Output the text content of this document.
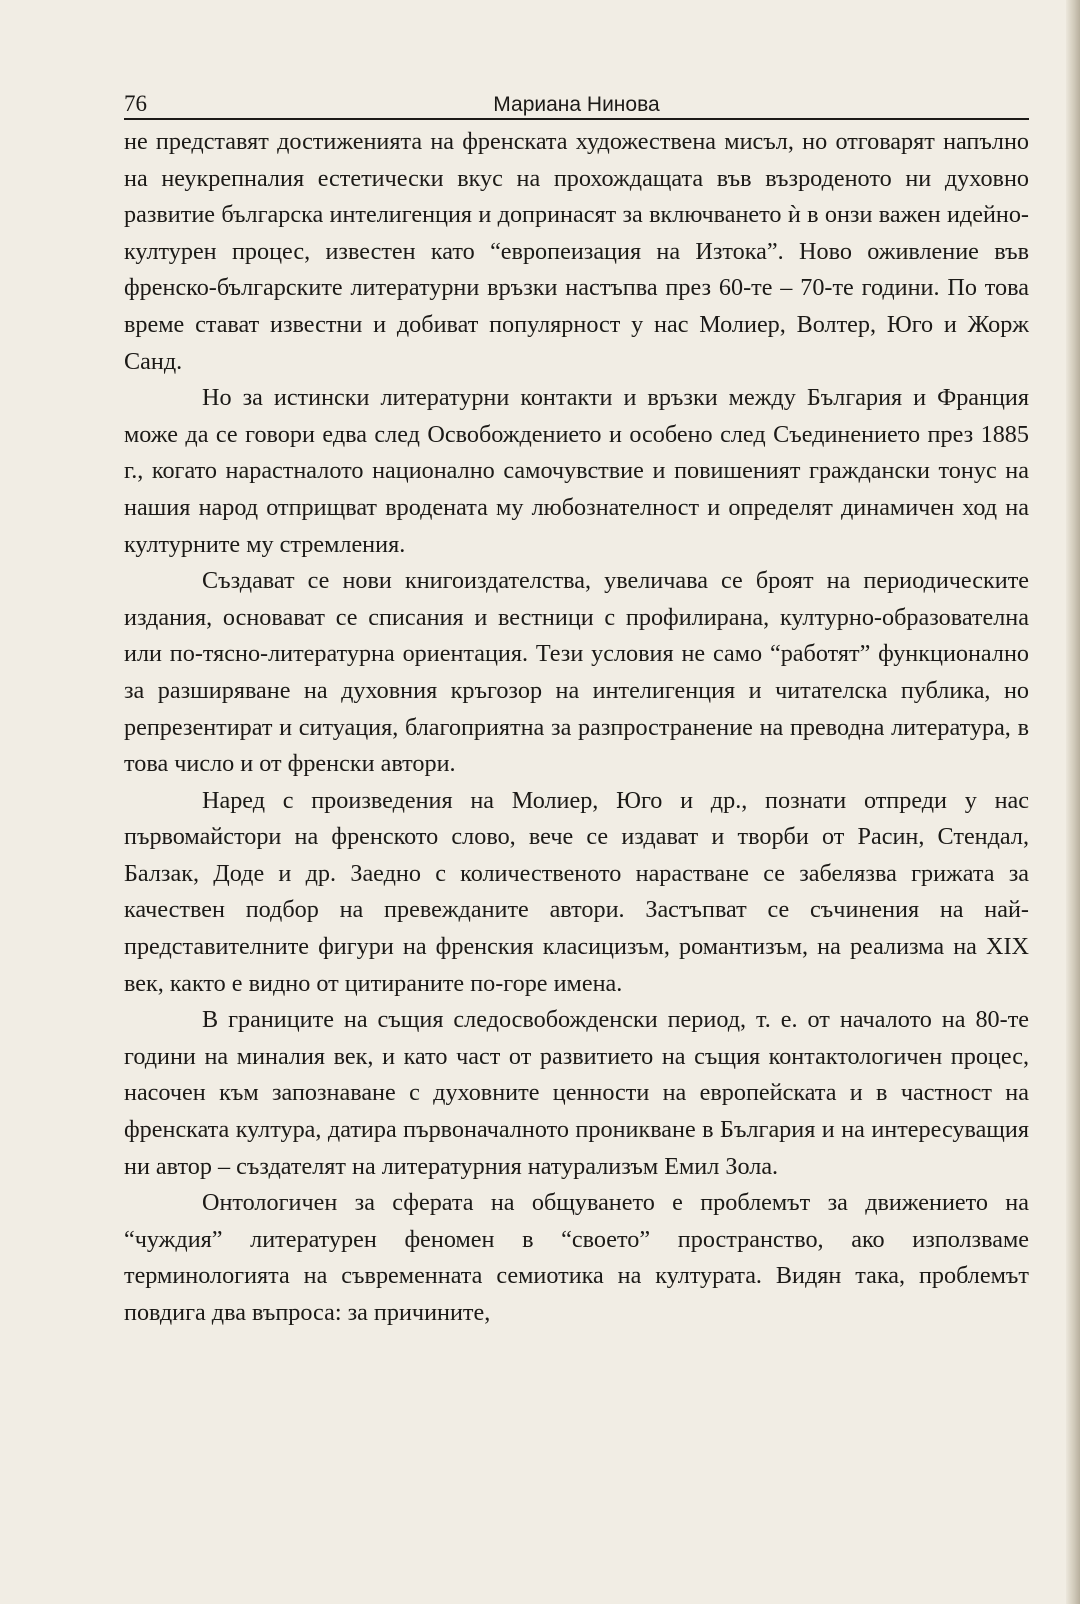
76	Мариана Нинова

не представят достиженията на френската художествена мисъл, но отговарят напълно на неукрепналия естетически вкус на прохождащата във възроденото ни духовно развитие българска интелигенция и допринасят за включването ѝ в онзи важен идейно-културен процес, известен като “европеизация на Изтока”. Ново оживление във френско-българските литературни връзки настъпва през 60-те – 70-те години. По това време стават известни и добиват популярност у нас Молиер, Волтер, Юго и Жорж Санд.

Но за истински литературни контакти и връзки между България и Франция може да се говори едва след Освобождението и особено след Съединението през 1885 г., когато нарастналото национално самочувствие и повишеният граждански тонус на нашия народ отприщват вродената му любознателност и определят динамичен ход на културните му стремления.

Създават се нови книгоиздателства, увеличава се броят на периодическите издания, основават се списания и вестници с профилирана, културно-образователна или по-тясно-литературна ориентация. Тези условия не само “работят” функционално за разширяване на духовния кръгозор на интелигенция и читателска публика, но репрезентират и ситуация, благоприятна за разпространение на преводна литература, в това число и от френски автори.

Наред с произведения на Молиер, Юго и др., познати отпреди у нас първомайстори на френското слово, вече се издават и творби от Расин, Стендал, Балзак, Доде и др. Заедно с количественото нарастване се забелязва грижата за качествен подбор на превежданите автори. Застъпват се съчинения на най-представителните фигури на френския класицизъм, романтизъм, на реализма на XIX век, както е видно от цитираните по-горе имена.

В границите на същия следосвобожденски период, т. е. от началото на 80-те години на миналия век, и като част от развитието на същия контактологичен процес, насочен към запознаване с духовните ценности на европейската и в частност на френската култура, датира първоначалното проникване в България и на интересуващия ни автор – създателят на литературния натурализъм Емил Зола.

Онтологичен за сферата на общуването е проблемът за движението на “чуждия” литературен феномен в “своето” пространство, ако използваме терминологията на съвременната семиотика на културата. Видян така, проблемът повдига два въпроса: за причините,
